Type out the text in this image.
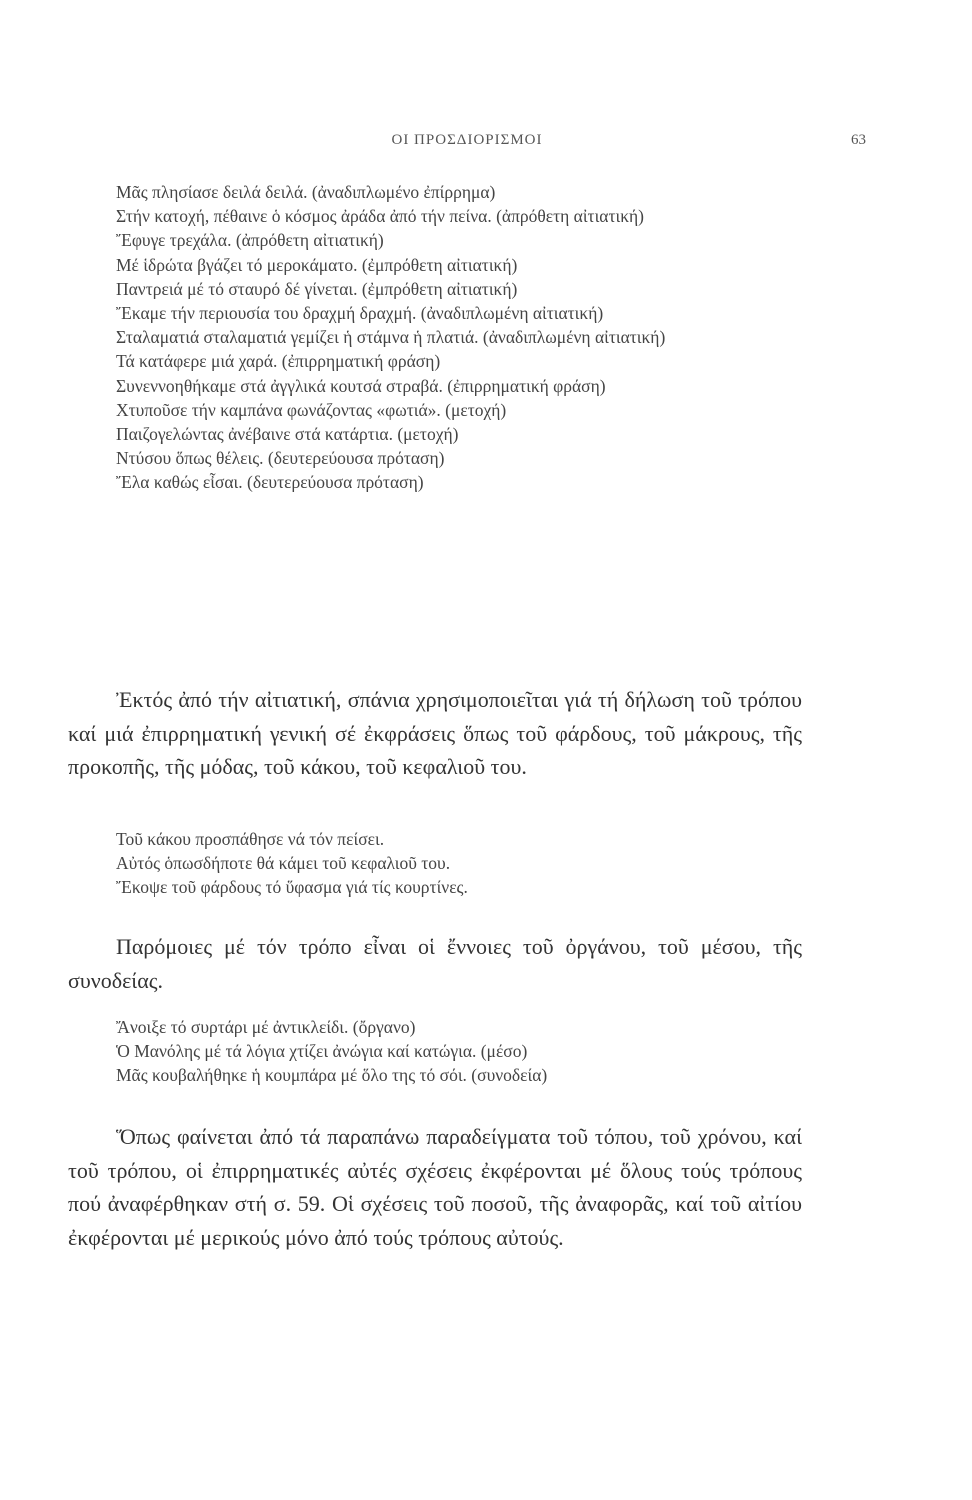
ΟΙ ΠΡΟΣΔΙΟΡΙΣΜΟΙ	63

Μᾶς πλησίασε δειλά δειλά. (ἀναδιπλωμένο ἐπίρρημα)

Στήν κατοχή, πέθαινε ὁ κόσμος ἀράδα ἀπό τήν πείνα. (ἀπρόθετη αἰτιατική)

Ἔφυγε τρεχάλα. (ἀπρόθετη αἰτιατική)

Μέ ἱδρώτα βγάζει τό μεροκάματο. (ἐμπρόθετη αἰτιατική)

Παντρειά μέ τό σταυρό δέ γίνεται. (ἐμπρόθετη αἰτιατική)

Ἔκαμε τήν περιουσία του δραχμή δραχμή. (ἀναδιπλωμένη αἰτιατική)

Σταλαματιά σταλαματιά γεμίζει ἡ στάμνα ἡ πλατιά. (ἀναδιπλωμένη αἰτιατική)

Τά κατάφερε μιά χαρά. (ἐπιρρηματική φράση)

Συνεννοηθήκαμε στά ἀγγλικά κουτσά στραβά. (ἐπιρρηματική φράση)

Χτυποῦσε τήν καμπάνα φωνάζοντας «φωτιά». (μετοχή)

Παιζογελώντας ἀνέβαινε στά κατάρτια. (μετοχή)

Ντύσου ὅπως θέλεις. (δευτερεύουσα πρόταση)

Ἔλα καθώς εἶσαι. (δευτερεύουσα πρόταση)

Ἐκτός ἀπό τήν αἰτιατική, σπάνια χρησιμοποιεῖται γιά τή δήλωση τοῦ τρόπου καί μιά ἐπιρρηματική γενική σέ ἐκφράσεις ὅπως τοῦ φάρδους, τοῦ μάκρους, τῆς προκοπῆς, τῆς μόδας, τοῦ κάκου, τοῦ κεφαλιοῦ του.

Τοῦ κάκου προσπάθησε νά τόν πείσει.

Αὐτός ὁπωσδήποτε θά κάμει τοῦ κεφαλιοῦ του.

Ἔκοψε τοῦ φάρδους τό ὕφασμα γιά τίς κουρτίνες.

Παρόμοιες μέ τόν τρόπο εἶναι οἱ ἔννοιες τοῦ ὀργάνου, τοῦ μέσου, τῆς συνοδείας.

Ἄνοιξε τό συρτάρι μέ ἀντικλείδι. (ὄργανο)

Ὁ Μανόλης μέ τά λόγια χτίζει ἀνώγια καί κατώγια. (μέσο)

Μᾶς κουβαλήθηκε ἡ κουμπάρα μέ ὅλο της τό σόι. (συνοδεία)

Ὅπως φαίνεται ἀπό τά παραπάνω παραδείγματα τοῦ τόπου, τοῦ χρόνου, καί τοῦ τρόπου, οἱ ἐπιρρηματικές αὐτές σχέσεις ἐκφέρονται μέ ὅλους τούς τρόπους πού ἀναφέρθηκαν στή σ. 59. Οἱ σχέσεις τοῦ ποσοῦ, τῆς ἀναφορᾶς, καί τοῦ αἰτίου ἐκφέρονται μέ μερικούς μόνο ἀπό τούς τρόπους αὐτούς.
